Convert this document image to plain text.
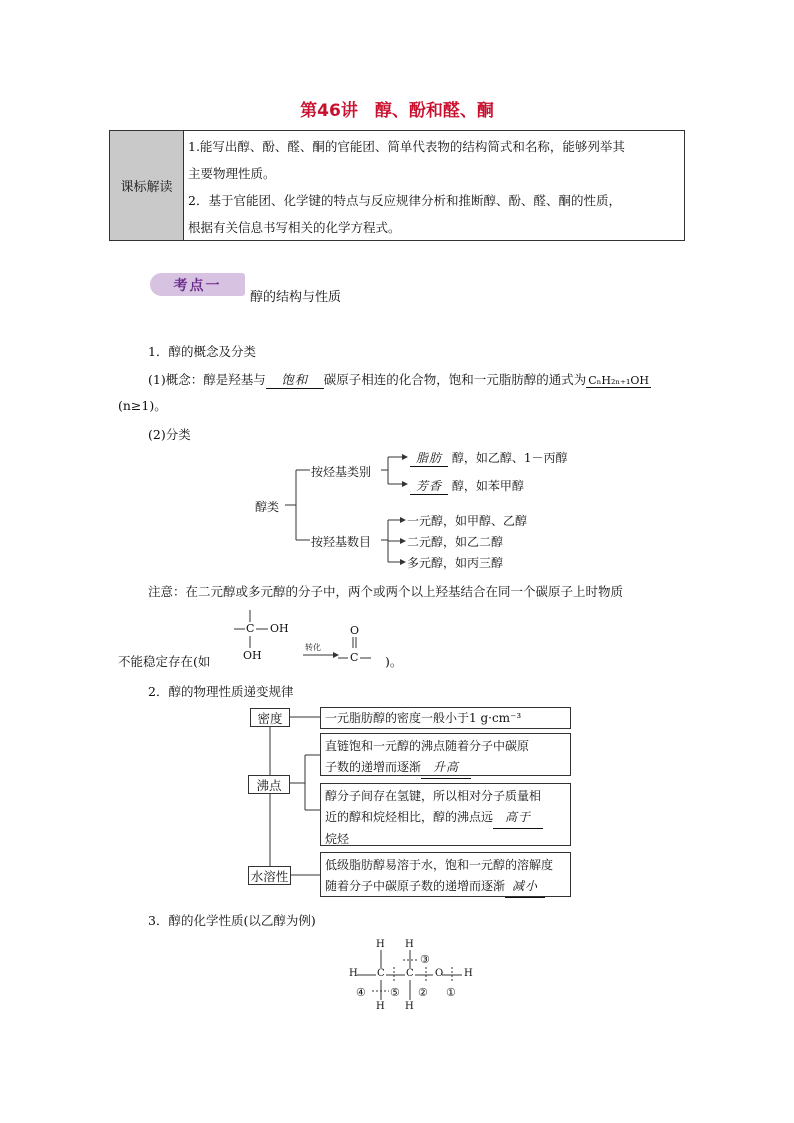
第46讲　醇、酚和醛、酮
课标解读
1.能写出醇、酚、醛、酮的官能团、简单代表物的结构简式和名称，能够列举其
主要物理性质。
2．基于官能团、化学键的特点与反应规律分析和推断醇、酚、醛、酮的性质，
根据有关信息书写相关的化学方程式。
考点一
醇的结构与性质
1．醇的概念及分类
(1)概念：醇是羟基与 饱和 碳原子相连的化合物，饱和一元脂肪醇的通式为 CₙH₂ₙ₊₁OH
(n≥1)。
(2)分类
醇类
按烃基类别
脂肪 醇，如乙醇、1－丙醇
芳香 醇，如苯甲醇
按羟基数目
一元醇，如甲醇、乙醇
二元醇，如乙二醇
多元醇，如丙三醇
注意：在二元醇或多元醇的分子中，两个或两个以上羟基结合在同一个碳原子上时物质
不能稳定存在(如
C OH
OH
转化
O
C )。
2．醇的物理性质递变规律
密度	一元脂肪醇的密度一般小于1 g·cm⁻³
沸点
直链饱和一元醇的沸点随着分子中碳原
子数的递增而逐渐 升高
醇分子间存在氢键，所以相对分子质量相
近的醇和烷烃相比，醇的沸点远 高于
烷烃
水溶性
低级脂肪醇易溶于水，饱和一元醇的溶解度
随着分子中碳原子数的递增而逐渐 减小
3．醇的化学性质(以乙醇为例)
H H
H C C O H
H H
①
②
③
④ ⑤
